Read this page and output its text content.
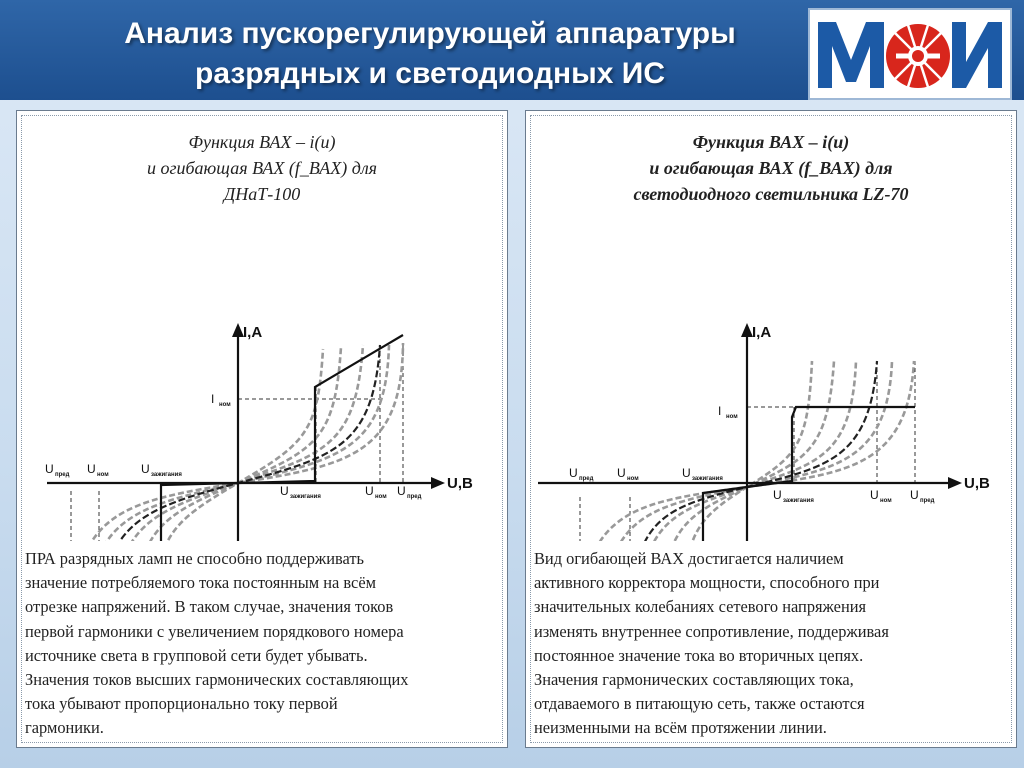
Анализ пускорегулирующей аппаратуры
разрядных и светодиодных ИС
Функция ВАХ – i(u)
и огибающая ВАХ (f_ВАХ) для
ДНаТ-100
I,A
U,B
I ном
U пред U ном	U зажигания
U зажигания	U ном U пред
ПРА разрядных ламп не способно поддерживать
значение потребляемого тока постоянным на всём
отрезке напряжений. В таком случае, значения токов
первой гармоники с увеличением порядкового номера
источнике света в групповой сети будет убывать.
Значения токов высших гармонических составляющих
тока убывают пропорционально току первой
гармоники.
Функция ВАХ – i(u)
и огибающая ВАХ (f_ВАХ) для
светодиодного светильника LZ-70
I,A
U,B
I ном
U пред U ном	U зажигания
U зажигания	U ном U пред
Вид огибающей ВАХ достигается наличием
активного корректора мощности, способного при
значительных колебаниях сетевого напряжения
изменять внутреннее сопротивление, поддерживая
постоянное значение тока во вторичных цепях.
Значения гармонических составляющих тока,
отдаваемого в питающую сеть, также остаются
неизменными на всём протяжении линии.
